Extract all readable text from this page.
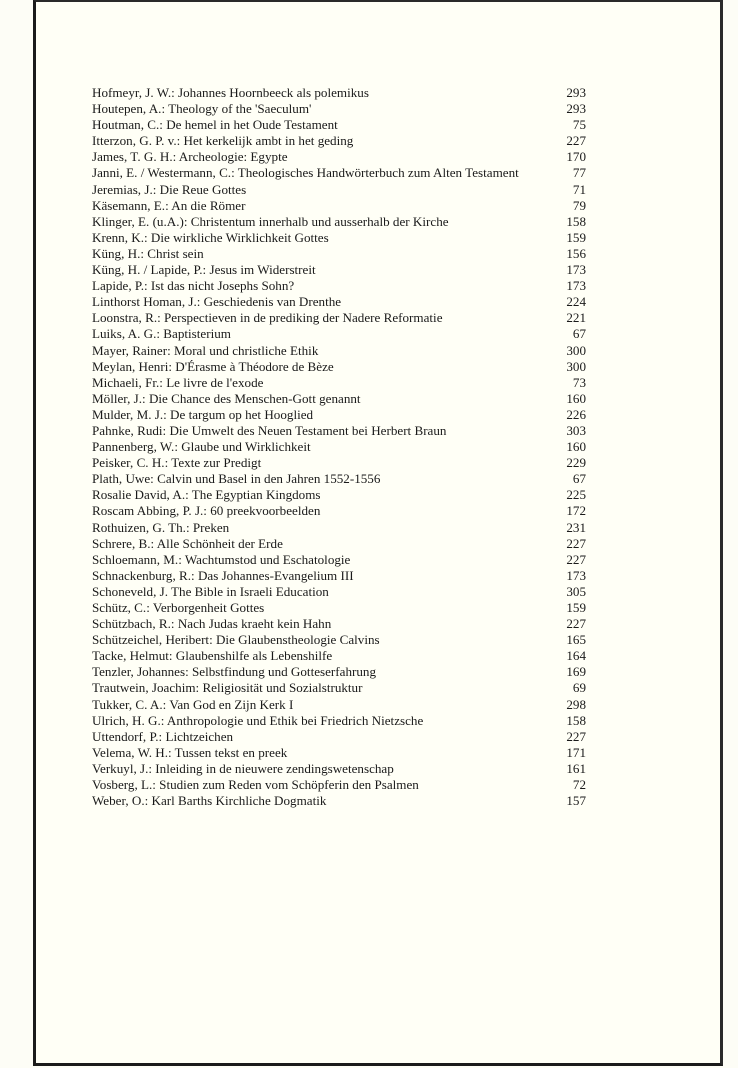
Hofmeyr, J. W.: Johannes Hoornbeeck als polemikus	293
Houtepen, A.: Theology of the 'Saeculum'	293
Houtman, C.: De hemel in het Oude Testament	75
Itterzon, G. P. v.: Het kerkelijk ambt in het geding	227
James, T. G. H.: Archeologie: Egypte	170
Janni, E. / Westermann, C.: Theologisches Handwörterbuch zum Alten Testament	77
Jeremias, J.: Die Reue Gottes	71
Käsemann, E.: An die Römer	79
Klinger, E. (u.A.): Christentum innerhalb und ausserhalb der Kirche	158
Krenn, K.: Die wirkliche Wirklichkeit Gottes	159
Küng, H.: Christ sein	156
Küng, H. / Lapide, P.: Jesus im Widerstreit	173
Lapide, P.: Ist das nicht Josephs Sohn?	173
Linthorst Homan, J.: Geschiedenis van Drenthe	224
Loonstra, R.: Perspectieven in de prediking der Nadere Reformatie	221
Luiks, A. G.: Baptisterium	67
Mayer, Rainer: Moral und christliche Ethik	300
Meylan, Henri: D'Érasme à Théodore de Bèze	300
Michaeli, Fr.: Le livre de l'exode	73
Möller, J.: Die Chance des Menschen-Gott genannt	160
Mulder, M. J.: De targum op het Hooglied	226
Pahnke, Rudi: Die Umwelt des Neuen Testament bei Herbert Braun	303
Pannenberg, W.: Glaube und Wirklichkeit	160
Peisker, C. H.: Texte zur Predigt	229
Plath, Uwe: Calvin und Basel in den Jahren 1552-1556	67
Rosalie David, A.: The Egyptian Kingdoms	225
Roscam Abbing, P. J.: 60 preekvoorbeelden	172
Rothuizen, G. Th.: Preken	231
Schrere, B.: Alle Schönheit der Erde	227
Schloemann, M.: Wachtumstod und Eschatologie	227
Schnackenburg, R.: Das Johannes-Evangelium III	173
Schoneveld, J. The Bible in Israeli Education	305
Schütz, C.: Verborgenheit Gottes	159
Schützbach, R.: Nach Judas kraeht kein Hahn	227
Schützeichel, Heribert: Die Glaubenstheologie Calvins	165
Tacke, Helmut: Glaubenshilfe als Lebenshilfe	164
Tenzler, Johannes: Selbstfindung und Gotteserfahrung	169
Trautwein, Joachim: Religiosität und Sozialstruktur	69
Tukker, C. A.: Van God en Zijn Kerk I	298
Ulrich, H. G.: Anthropologie und Ethik bei Friedrich Nietzsche	158
Uttendorf, P.: Lichtzeichen	227
Velema, W. H.: Tussen tekst en preek	171
Verkuyl, J.: Inleiding in de nieuwere zendingswetenschap	161
Vosberg, L.: Studien zum Reden vom Schöpferin den Psalmen	72
Weber, O.: Karl Barths Kirchliche Dogmatik	157
